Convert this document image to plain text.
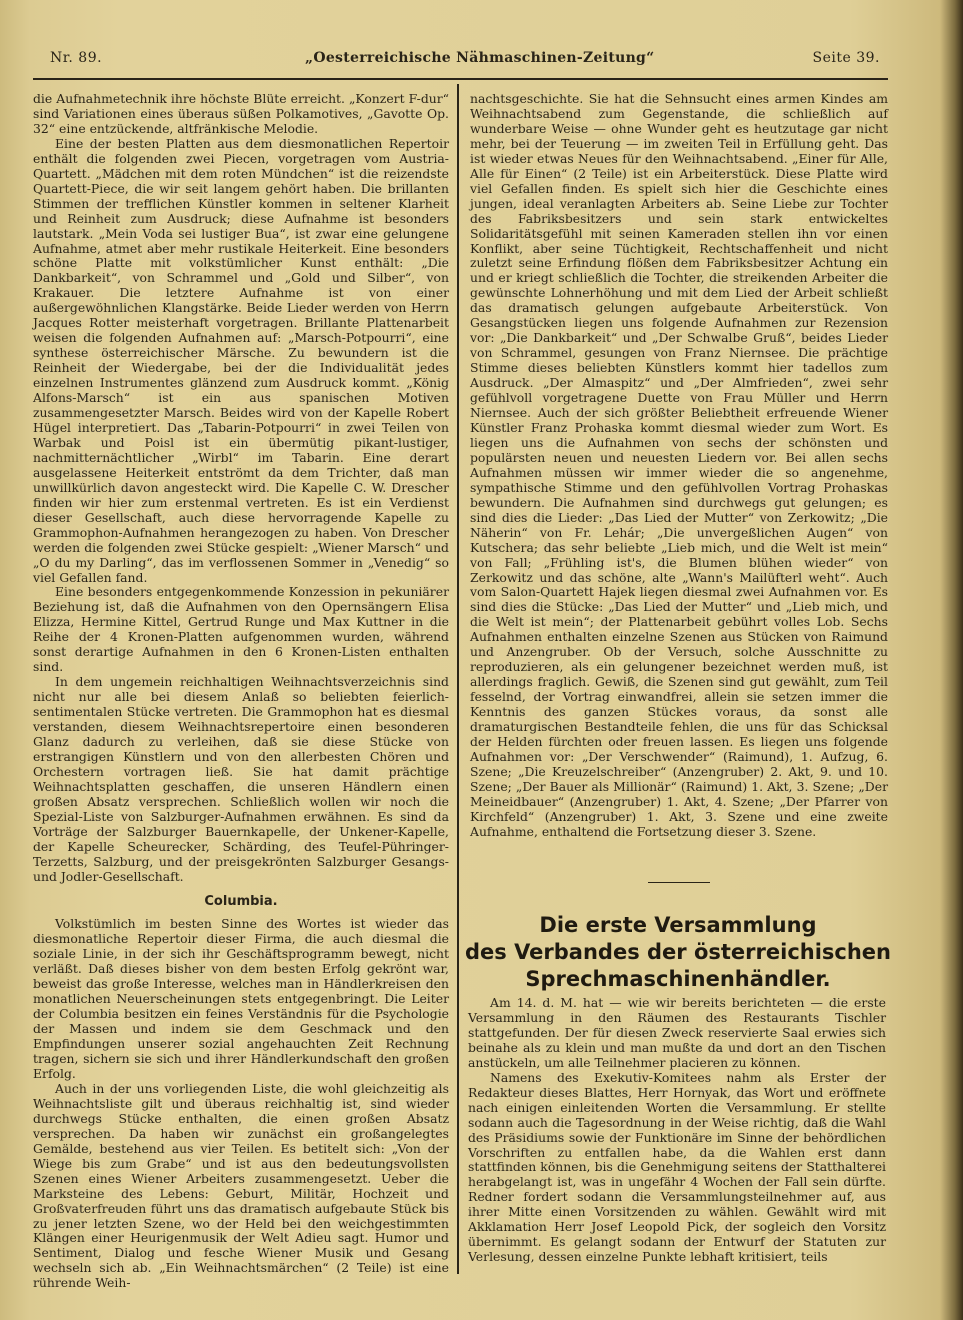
Nr. 89.	„Oesterreichische Nähmaschinen-Zeitung“	Seite 39.

die Aufnahmetechnik ihre höchste Blüte erreicht. „Konzert F-dur“ sind Variationen eines überaus süßen Polkamotives, „Gavotte Op. 32“ eine entzückende, altfränkische Melodie.

Eine der besten Platten aus dem diesmonatlichen Repertoir enthält die folgenden zwei Piecen, vorgetragen vom Austria-Quartett. „Mädchen mit dem roten Mündchen“ ist die reizendste Quartett-Piece, die wir seit langem gehört haben. Die brillanten Stimmen der trefflichen Künstler kommen in seltener Klarheit und Reinheit zum Ausdruck; diese Aufnahme ist besonders lautstark. „Mein Voda sei lustiger Bua“, ist zwar eine gelungene Aufnahme, atmet aber mehr rustikale Heiterkeit. Eine besonders schöne Platte mit volkstümlicher Kunst enthält: „Die Dankbarkeit“, von Schrammel und „Gold und Silber“, von Krakauer. Die letztere Aufnahme ist von einer außergewöhnlichen Klangstärke. Beide Lieder werden von Herrn Jacques Rotter meisterhaft vorgetragen. Brillante Plattenarbeit weisen die folgenden Aufnahmen auf: „Marsch-Potpourri“, eine synthese österreichischer Märsche. Zu bewundern ist die Reinheit der Wiedergabe, bei der die Individualität jedes einzelnen Instrumentes glänzend zum Ausdruck kommt. „König Alfons-Marsch“ ist ein aus spanischen Motiven zusammengesetzter Marsch. Beides wird von der Kapelle Robert Hügel interpretiert. Das „Tabarin-Potpourri“ in zwei Teilen von Warbak und Poisl ist ein übermütig pikant-lustiger, nachmitternächtlicher „Wirbl“ im Tabarin. Eine derart ausgelassene Heiterkeit entströmt da dem Trichter, daß man unwillkürlich davon angesteckt wird. Die Kapelle C. W. Drescher finden wir hier zum erstenmal vertreten. Es ist ein Verdienst dieser Gesellschaft, auch diese hervorragende Kapelle zu Grammophon-Aufnahmen herangezogen zu haben. Von Drescher werden die folgenden zwei Stücke gespielt: „Wiener Marsch“ und „O du my Darling“, das im verflossenen Sommer in „Venedig“ so viel Gefallen fand.

Eine besonders entgegenkommende Konzession in pekuniärer Beziehung ist, daß die Aufnahmen von den Opernsängern Elisa Elizza, Hermine Kittel, Gertrud Runge und Max Kuttner in die Reihe der 4 Kronen-Platten aufgenommen wurden, während sonst derartige Aufnahmen in den 6 Kronen-Listen enthalten sind.

In dem ungemein reichhaltigen Weihnachtsverzeichnis sind nicht nur alle bei diesem Anlaß so beliebten feierlich-sentimentalen Stücke vertreten. Die Grammophon hat es diesmal verstanden, diesem Weihnachtsrepertoire einen besonderen Glanz dadurch zu verleihen, daß sie diese Stücke von erstrangigen Künstlern und von den allerbesten Chören und Orchestern vortragen ließ. Sie hat damit prächtige Weihnachtsplatten geschaffen, die unseren Händlern einen großen Absatz versprechen. Schließlich wollen wir noch die Spezial-Liste von Salzburger-Aufnahmen erwähnen. Es sind da Vorträge der Salzburger Bauernkapelle, der Unkener-Kapelle, der Kapelle Scheurecker, Schärding, des Teufel-Pühringer-Terzetts, Salzburg, und der preisgekrönten Salzburger Gesangs- und Jodler-Gesellschaft.

Columbia.

Volkstümlich im besten Sinne des Wortes ist wieder das diesmonatliche Repertoir dieser Firma, die auch diesmal die soziale Linie, in der sich ihr Geschäftsprogramm bewegt, nicht verläßt. Daß dieses bisher von dem besten Erfolg gekrönt war, beweist das große Interesse, welches man in Händlerkreisen den monatlichen Neuerscheinungen stets entgegenbringt. Die Leiter der Columbia besitzen ein feines Verständnis für die Psychologie der Massen und indem sie dem Geschmack und den Empfindungen unserer sozial angehauchten Zeit Rechnung tragen, sichern sie sich und ihrer Händlerkundschaft den großen Erfolg.

Auch in der uns vorliegenden Liste, die wohl gleichzeitig als Weihnachtsliste gilt und überaus reichhaltig ist, sind wieder durchwegs Stücke enthalten, die einen großen Absatz versprechen. Da haben wir zunächst ein großangelegtes Gemälde, bestehend aus vier Teilen. Es betitelt sich: „Von der Wiege bis zum Grabe“ und ist aus den bedeutungsvollsten Szenen eines Wiener Arbeiters zusammengesetzt. Ueber die Marksteine des Lebens: Geburt, Militär, Hochzeit und Großvaterfreuden führt uns das dramatisch aufgebaute Stück bis zu jener letzten Szene, wo der Held bei den weichgestimmten Klängen einer Heurigenmusik der Welt Adieu sagt. Humor und Sentiment, Dialog und fesche Wiener Musik und Gesang wechseln sich ab. „Ein Weihnachtsmärchen“ (2 Teile) ist eine rührende Weih-

nachtsgeschichte. Sie hat die Sehnsucht eines armen Kindes am Weihnachtsabend zum Gegenstande, die schließlich auf wunderbare Weise — ohne Wunder geht es heutzutage gar nicht mehr, bei der Teuerung — im zweiten Teil in Erfüllung geht. Das ist wieder etwas Neues für den Weihnachtsabend. „Einer für Alle, Alle für Einen“ (2 Teile) ist ein Arbeiterstück. Diese Platte wird viel Gefallen finden. Es spielt sich hier die Geschichte eines jungen, ideal veranlagten Arbeiters ab. Seine Liebe zur Tochter des Fabriksbesitzers und sein stark entwickeltes Solidaritätsgefühl mit seinen Kameraden stellen ihn vor einen Konflikt, aber seine Tüchtigkeit, Rechtschaffenheit und nicht zuletzt seine Erfindung flößen dem Fabriksbesitzer Achtung ein und er kriegt schließlich die Tochter, die streikenden Arbeiter die gewünschte Lohnerhöhung und mit dem Lied der Arbeit schließt das dramatisch gelungen aufgebaute Arbeiterstück. Von Gesangstücken liegen uns folgende Aufnahmen zur Rezension vor: „Die Dankbarkeit“ und „Der Schwalbe Gruß“, beides Lieder von Schrammel, gesungen von Franz Niernsee. Die prächtige Stimme dieses beliebten Künstlers kommt hier tadellos zum Ausdruck. „Der Almaspitz“ und „Der Almfrieden“, zwei sehr gefühlvoll vorgetragene Duette von Frau Müller und Herrn Niernsee. Auch der sich größter Beliebtheit erfreuende Wiener Künstler Franz Prohaska kommt diesmal wieder zum Wort. Es liegen uns die Aufnahmen von sechs der schönsten und populärsten neuen und neuesten Liedern vor. Bei allen sechs Aufnahmen müssen wir immer wieder die so angenehme, sympathische Stimme und den gefühlvollen Vortrag Prohaskas bewundern. Die Aufnahmen sind durchwegs gut gelungen; es sind dies die Lieder: „Das Lied der Mutter“ von Zerkowitz; „Die Näherin“ von Fr. Lehár; „Die unvergeßlichen Augen“ von Kutschera; das sehr beliebte „Lieb mich, und die Welt ist mein“ von Fall; „Frühling ist's, die Blumen blühen wieder“ von Zerkowitz und das schöne, alte „Wann's Mailüfterl weht“. Auch vom Salon-Quartett Hajek liegen diesmal zwei Aufnahmen vor. Es sind dies die Stücke: „Das Lied der Mutter“ und „Lieb mich, und die Welt ist mein“; der Plattenarbeit gebührt volles Lob. Sechs Aufnahmen enthalten einzelne Szenen aus Stücken von Raimund und Anzengruber. Ob der Versuch, solche Ausschnitte zu reproduzieren, als ein gelungener bezeichnet werden muß, ist allerdings fraglich. Gewiß, die Szenen sind gut gewählt, zum Teil fesselnd, der Vortrag einwandfrei, allein sie setzen immer die Kenntnis des ganzen Stückes voraus, da sonst alle dramaturgischen Bestandteile fehlen, die uns für das Schicksal der Helden fürchten oder freuen lassen. Es liegen uns folgende Aufnahmen vor: „Der Verschwender“ (Raimund), 1. Aufzug, 6. Szene; „Die Kreuzelschreiber“ (Anzengruber) 2. Akt, 9. und 10. Szene; „Der Bauer als Millionär“ (Raimund) 1. Akt, 3. Szene; „Der Meineidbauer“ (Anzengruber) 1. Akt, 4. Szene; „Der Pfarrer von Kirchfeld“ (Anzengruber) 1. Akt, 3. Szene und eine zweite Aufnahme, enthaltend die Fortsetzung dieser 3. Szene.

Die erste Versammlung
des Verbandes der österreichischen
Sprechmaschinenhändler.

Am 14. d. M. hat — wie wir bereits berichteten — die erste Versammlung in den Räumen des Restaurants Tischler stattgefunden. Der für diesen Zweck reservierte Saal erwies sich beinahe als zu klein und man mußte da und dort an den Tischen anstückeln, um alle Teilnehmer placieren zu können.

Namens des Exekutiv-Komitees nahm als Erster der Redakteur dieses Blattes, Herr Hornyak, das Wort und eröffnete nach einigen einleitenden Worten die Versammlung. Er stellte sodann auch die Tagesordnung in der Weise richtig, daß die Wahl des Präsidiums sowie der Funktionäre im Sinne der behördlichen Vorschriften zu entfallen habe, da die Wahlen erst dann stattfinden können, bis die Genehmigung seitens der Statthalterei herabgelangt ist, was in ungefähr 4 Wochen der Fall sein dürfte. Redner fordert sodann die Versammlungsteilnehmer auf, aus ihrer Mitte einen Vorsitzenden zu wählen. Gewählt wird mit Akklamation Herr Josef Leopold Pick, der sogleich den Vorsitz übernimmt. Es gelangt sodann der Entwurf der Statuten zur Verlesung, dessen einzelne Punkte lebhaft kritisiert, teils
